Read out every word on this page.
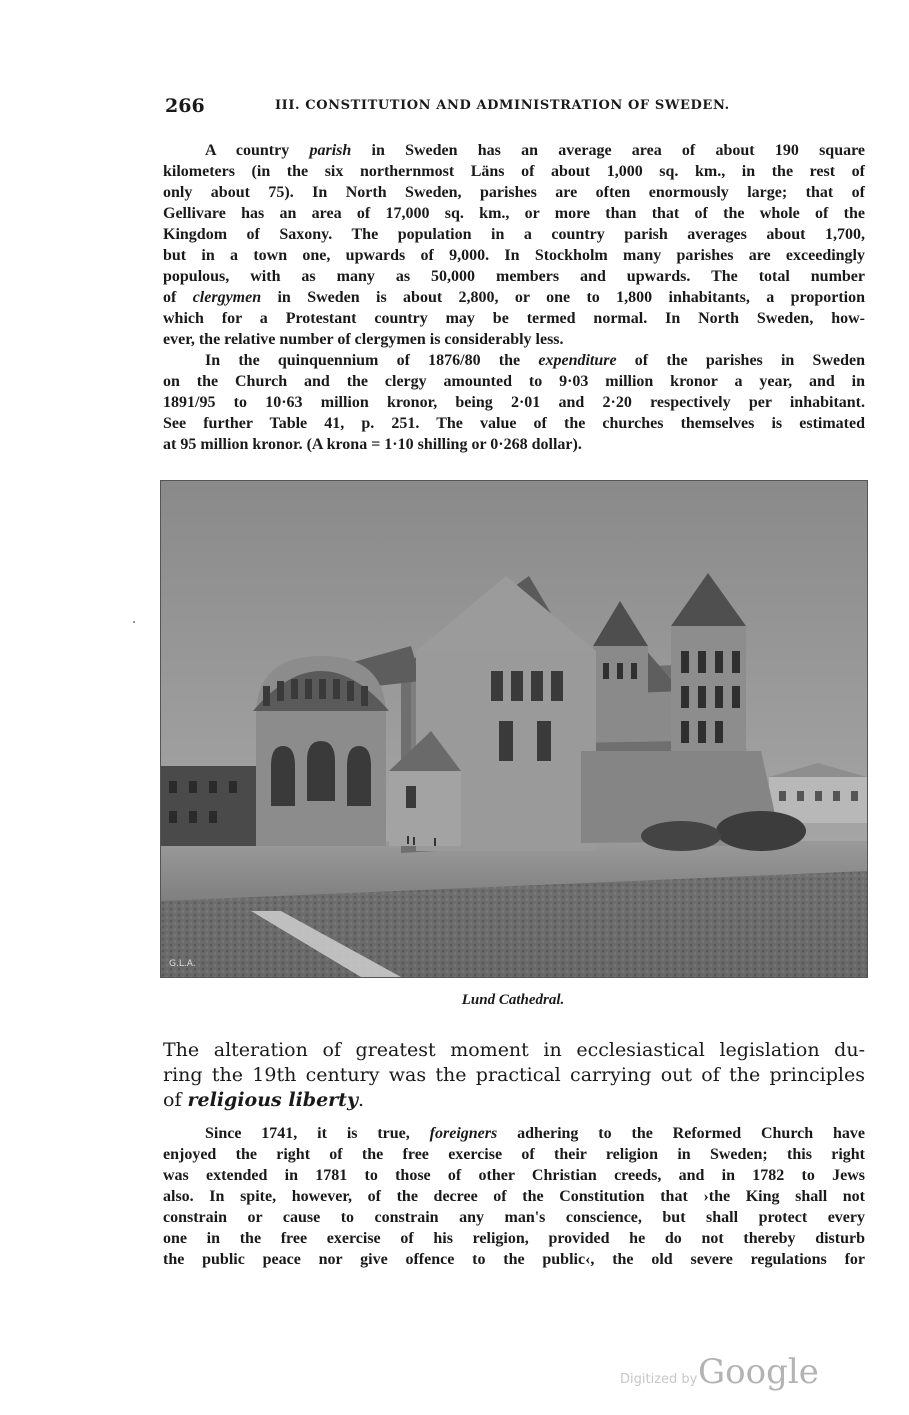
266	III. CONSTITUTION AND ADMINISTRATION OF SWEDEN.
A country parish in Sweden has an average area of about 190 square
kilometers (in the six northernmost Läns of about 1,000 sq. km., in the rest of
only about 75). In North Sweden, parishes are often enormously large; that of
Gellivare has an area of 17,000 sq. km., or more than that of the whole of the
Kingdom of Saxony. The population in a country parish averages about 1,700,
but in a town one, upwards of 9,000. In Stockholm many parishes are exceedingly
populous, with as many as 50,000 members and upwards. The total number
of clergymen in Sweden is about 2,800, or one to 1,800 inhabitants, a proportion
which for a Protestant country may be termed normal. In North Sweden, how-
ever, the relative number of clergymen is considerably less.
In the quinquennium of 1876/80 the expenditure of the parishes in Sweden
on the Church and the clergy amounted to 9·03 million kronor a year, and in
1891/95 to 10·63 million kronor, being 2·01 and 2·20 respectively per inhabitant.
See further Table 41, p. 251. The value of the churches themselves is estimated
at 95 million kronor. (A krona = 1·10 shilling or 0·268 dollar).
G.L.A.
Lund Cathedral.
The alteration of greatest moment in ecclesiastical legislation du-
ring the 19th century was the practical carrying out of the principles
of religious liberty.
Since 1741, it is true, foreigners adhering to the Reformed Church have
enjoyed the right of the free exercise of their religion in Sweden; this right
was extended in 1781 to those of other Christian creeds, and in 1782 to Jews
also. In spite, however, of the decree of the Constitution that ›the King shall not
constrain or cause to constrain any man's conscience, but shall protect every
one in the free exercise of his religion, provided he do not thereby disturb
the public peace nor give offence to the public‹, the old severe regulations for
Digitized by Google
